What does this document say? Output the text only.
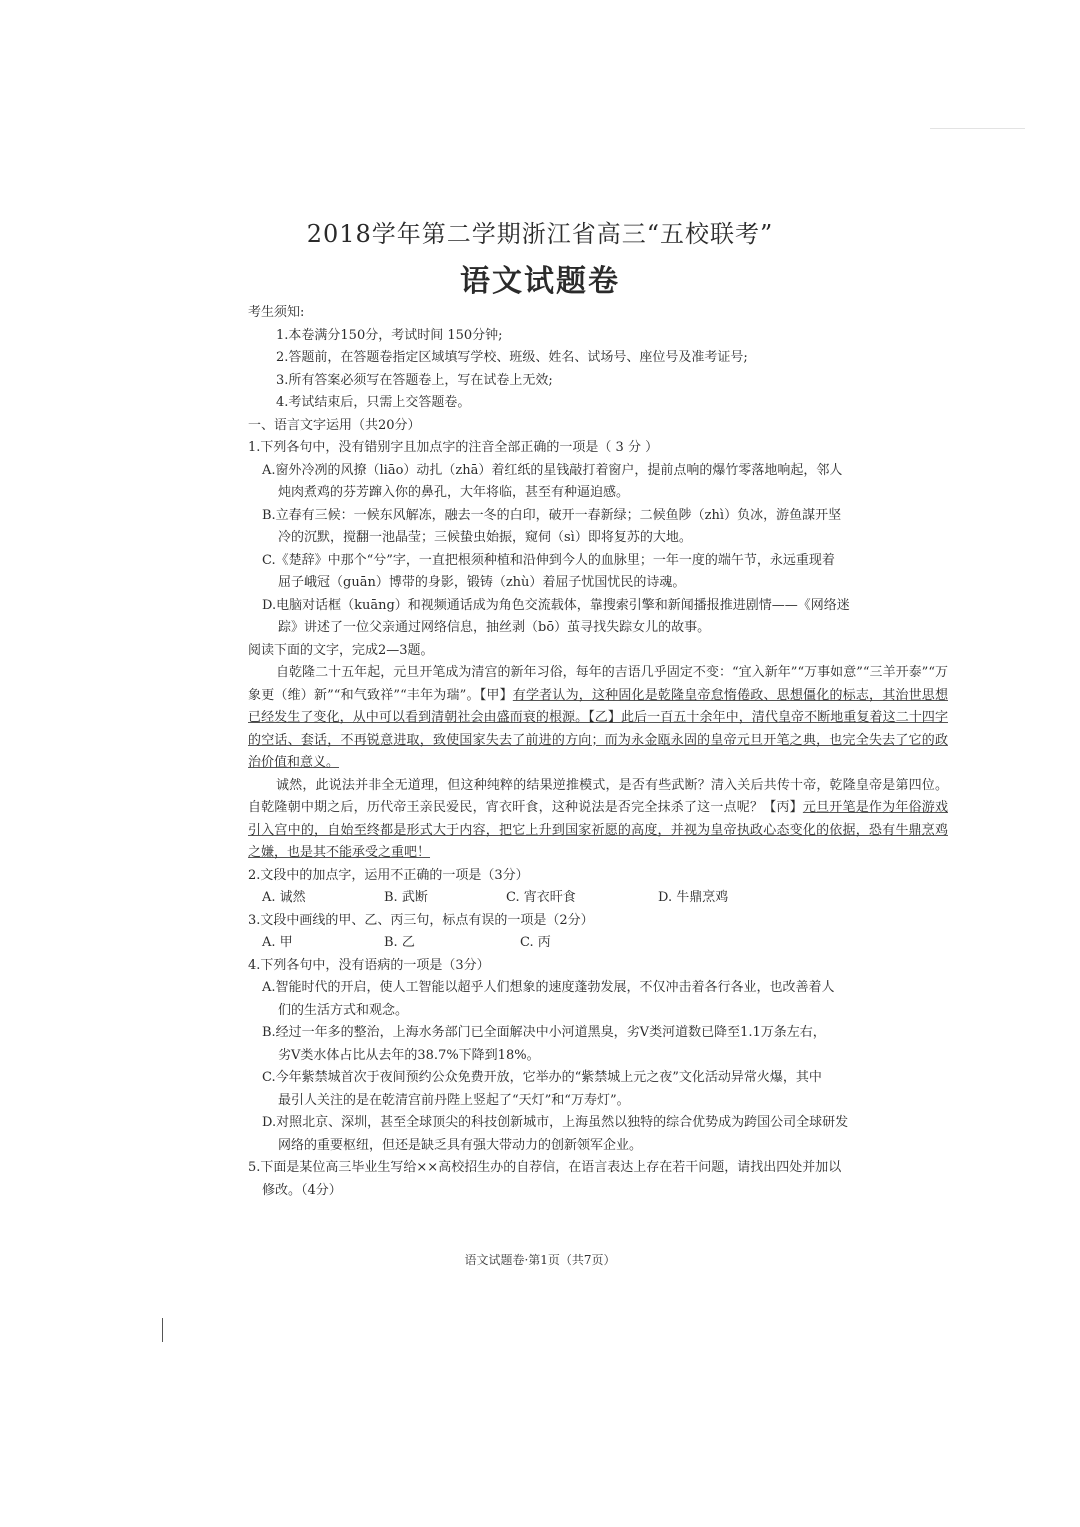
2018学年第二学期浙江省高三“五校联考”
语文试题卷
考生须知:
1.本卷满分150分，考试时间 150分钟;
2.答题前，在答题卷指定区域填写学校、班级、姓名、试场号、座位号及准考证号;
3.所有答案必须写在答题卷上，写在试卷上无效;
4.考试结束后，只需上交答题卷。
一、语言文字运用（共20分）
1.下列各句中，没有错别字且加点字的注音全部正确的一项是（ 3 分 ）
A.窗外冷冽的风撩（liāo）动扎（zhā）着红纸的星钱敲打着窗户，提前点响的爆竹零落地响起，邻人
炖肉煮鸡的芬芳蹿入你的鼻孔，大年将临，甚至有种逼迫感。
B.立春有三候：一候东风解冻，融去一冬的白印，破开一春新绿；二候鱼陟（zhì）负冰，游鱼謀开坚
冷的沉默，搅翻一池晶莹；三候蛰虫始振，窥伺（sì）即将复苏的大地。
C.《楚辞》中那个“兮”字，一直把根须种植和沿伸到今人的血脉里；一年一度的端午节，永远重现着
屈子峨冠（guān）博带的身影，锻铸（zhù）着屈子忧国忧民的诗魂。
D.电脑对话框（kuāng）和视频通话成为角色交流载体，靠搜索引擎和新闻播报推进剧情——《网络迷
踪》讲述了一位父亲通过网络信息，抽丝剥（bō）茧寻找失踪女儿的故事。
阅读下面的文字，完成2—3题。
自乾隆二十五年起，元旦开笔成为清宫的新年习俗，每年的吉语几乎固定不变：“宜入新年”“万事如意”“三羊开泰”“万象更（维）新”“和气致祥”“丰年为瑞”。【甲】有学者认为，这种固化是乾隆皇帝怠惰倦政、思想僵化的标志，其治世思想已经发生了变化，从中可以看到清朝社会由盛而衰的根源。【乙】此后一百五十余年中，清代皇帝不断地重复着这二十四字的空话、套话，不再锐意进取，致使国家失去了前进的方向；而为永金瓯永固的皇帝元旦开笔之典，也完全失去了它的政治价值和意义。
诚然，此说法并非全无道理，但这种纯粹的结果逆推模式，是否有些武断？清入关后共传十帝，乾隆皇帝是第四位。自乾隆朝中期之后，历代帝王亲民爱民，宵衣旰食，这种说法是否完全抹杀了这一点呢？【丙】元旦开笔是作为年俗游戏引入宫中的，自始至终都是形式大于内容，把它上升到国家祈愿的高度，并视为皇帝执政心态变化的依据，恐有牛鼎烹鸡之嫌，也是其不能承受之重吧！
2.文段中的加点字，运用不正确的一项是（3分）
A. 诚然	B. 武断	C. 宵衣旰食	D. 牛鼎烹鸡
3.文段中画线的甲、乙、丙三句，标点有误的一项是（2分）
A. 甲	B. 乙	C. 丙
4.下列各句中，没有语病的一项是（3分）
A.智能时代的开启，使人工智能以超乎人们想象的速度蓬勃发展，不仅冲击着各行各业，也改善着人
们的生活方式和观念。
B.经过一年多的整治，上海水务部门已全面解决中小河道黑臭，劣Ⅴ类河道数已降至1.1万条左右，
劣Ⅴ类水体占比从去年的38.7%下降到18%。
C.今年紫禁城首次于夜间预约公众免费开放，它举办的“紫禁城上元之夜”文化活动异常火爆，其中
最引人关注的是在乾清宫前丹陛上竖起了“天灯”和“万寿灯”。
D.对照北京、深圳，甚至全球顶尖的科技创新城市，上海虽然以独特的综合优势成为跨国公司全球研发
网络的重要枢纽，但还是缺乏具有强大带动力的创新领军企业。
5.下面是某位高三毕业生写给××高校招生办的自荐信，在语言表达上存在若干问题，请找出四处并加以
修改。（4分）
语文试题卷·第1页（共7页）
